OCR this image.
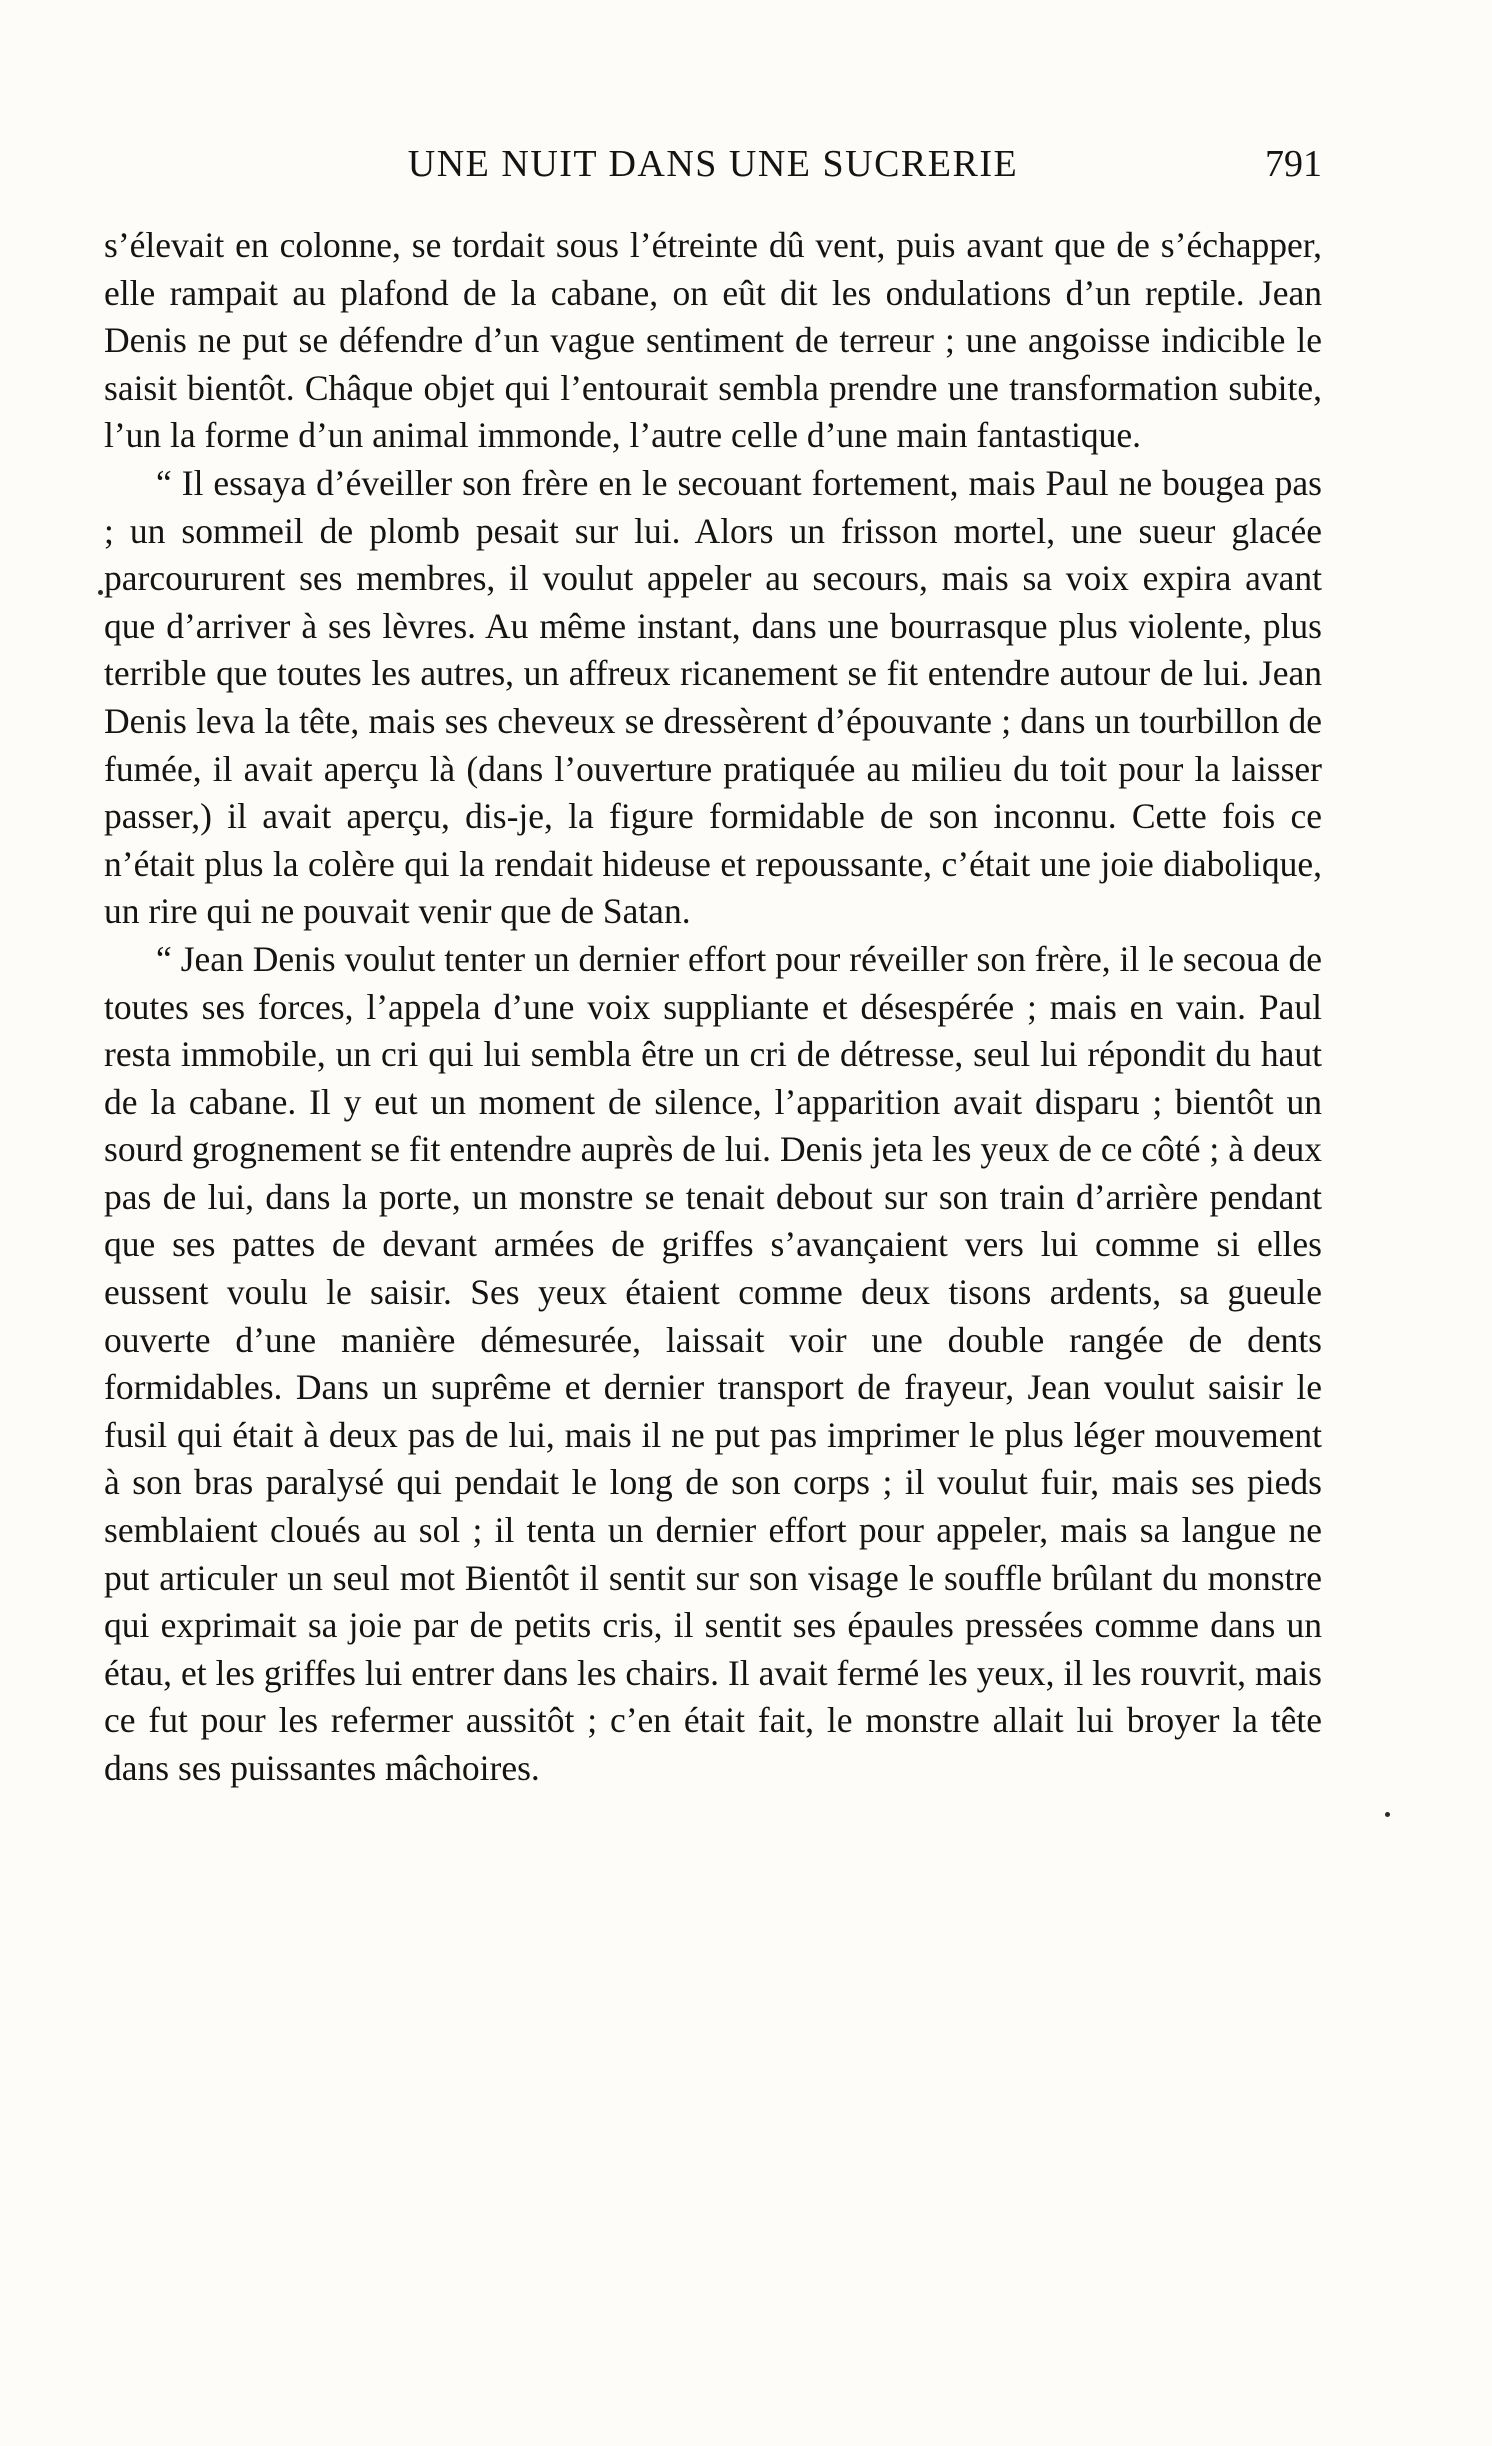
UNE NUIT DANS UNE SUCRERIE	791

s’élevait en colonne, se tordait sous l’étreinte dû vent, puis avant que de s’échapper, elle rampait au plafond de la cabane, on eût dit les ondulations d’un reptile. Jean Denis ne put se défendre d’un vague sentiment de terreur ; une angoisse indicible le saisit bientôt. Châque objet qui l’entourait sembla prendre une transformation subite, l’un la forme d’un animal immonde, l’autre celle d’une main fantastique.

“ Il essaya d’éveiller son frère en le secouant fortement, mais Paul ne bougea pas ; un sommeil de plomb pesait sur lui. Alors un frisson mortel, une sueur glacée parcoururent ses membres, il voulut appeler au secours, mais sa voix expira avant que d’arriver à ses lèvres. Au même instant, dans une bourrasque plus violente, plus terrible que toutes les autres, un affreux ricanement se fit entendre autour de lui. Jean Denis leva la tête, mais ses cheveux se dressèrent d’épouvante ; dans un tourbillon de fumée, il avait aperçu là (dans l’ouverture pratiquée au milieu du toit pour la laisser passer,) il avait aperçu, dis-je, la figure formidable de son inconnu. Cette fois ce n’était plus la colère qui la rendait hideuse et repoussante, c’était une joie diabolique, un rire qui ne pouvait venir que de Satan.

“ Jean Denis voulut tenter un dernier effort pour réveiller son frère, il le secoua de toutes ses forces, l’appela d’une voix suppliante et désespérée ; mais en vain. Paul resta immobile, un cri qui lui sembla être un cri de détresse, seul lui répondit du haut de la cabane. Il y eut un moment de silence, l’apparition avait disparu ; bientôt un sourd grognement se fit entendre auprès de lui. Denis jeta les yeux de ce côté ; à deux pas de lui, dans la porte, un monstre se tenait debout sur son train d’arrière pendant que ses pattes de devant armées de griffes s’avançaient vers lui comme si elles eussent voulu le saisir. Ses yeux étaient comme deux tisons ardents, sa gueule ouverte d’une manière démesurée, laissait voir une double rangée de dents formidables. Dans un suprême et dernier transport de frayeur, Jean voulut saisir le fusil qui était à deux pas de lui, mais il ne put pas imprimer le plus léger mouvement à son bras paralysé qui pendait le long de son corps ; il voulut fuir, mais ses pieds semblaient cloués au sol ; il tenta un dernier effort pour appeler, mais sa langue ne put articuler un seul mot Bientôt il sentit sur son visage le souffle brûlant du monstre qui exprimait sa joie par de petits cris, il sentit ses épaules pressées comme dans un étau, et les griffes lui entrer dans les chairs. Il avait fermé les yeux, il les rouvrit, mais ce fut pour les refermer aussitôt ; c’en était fait, le monstre allait lui broyer la tête dans ses puissantes mâchoires.
